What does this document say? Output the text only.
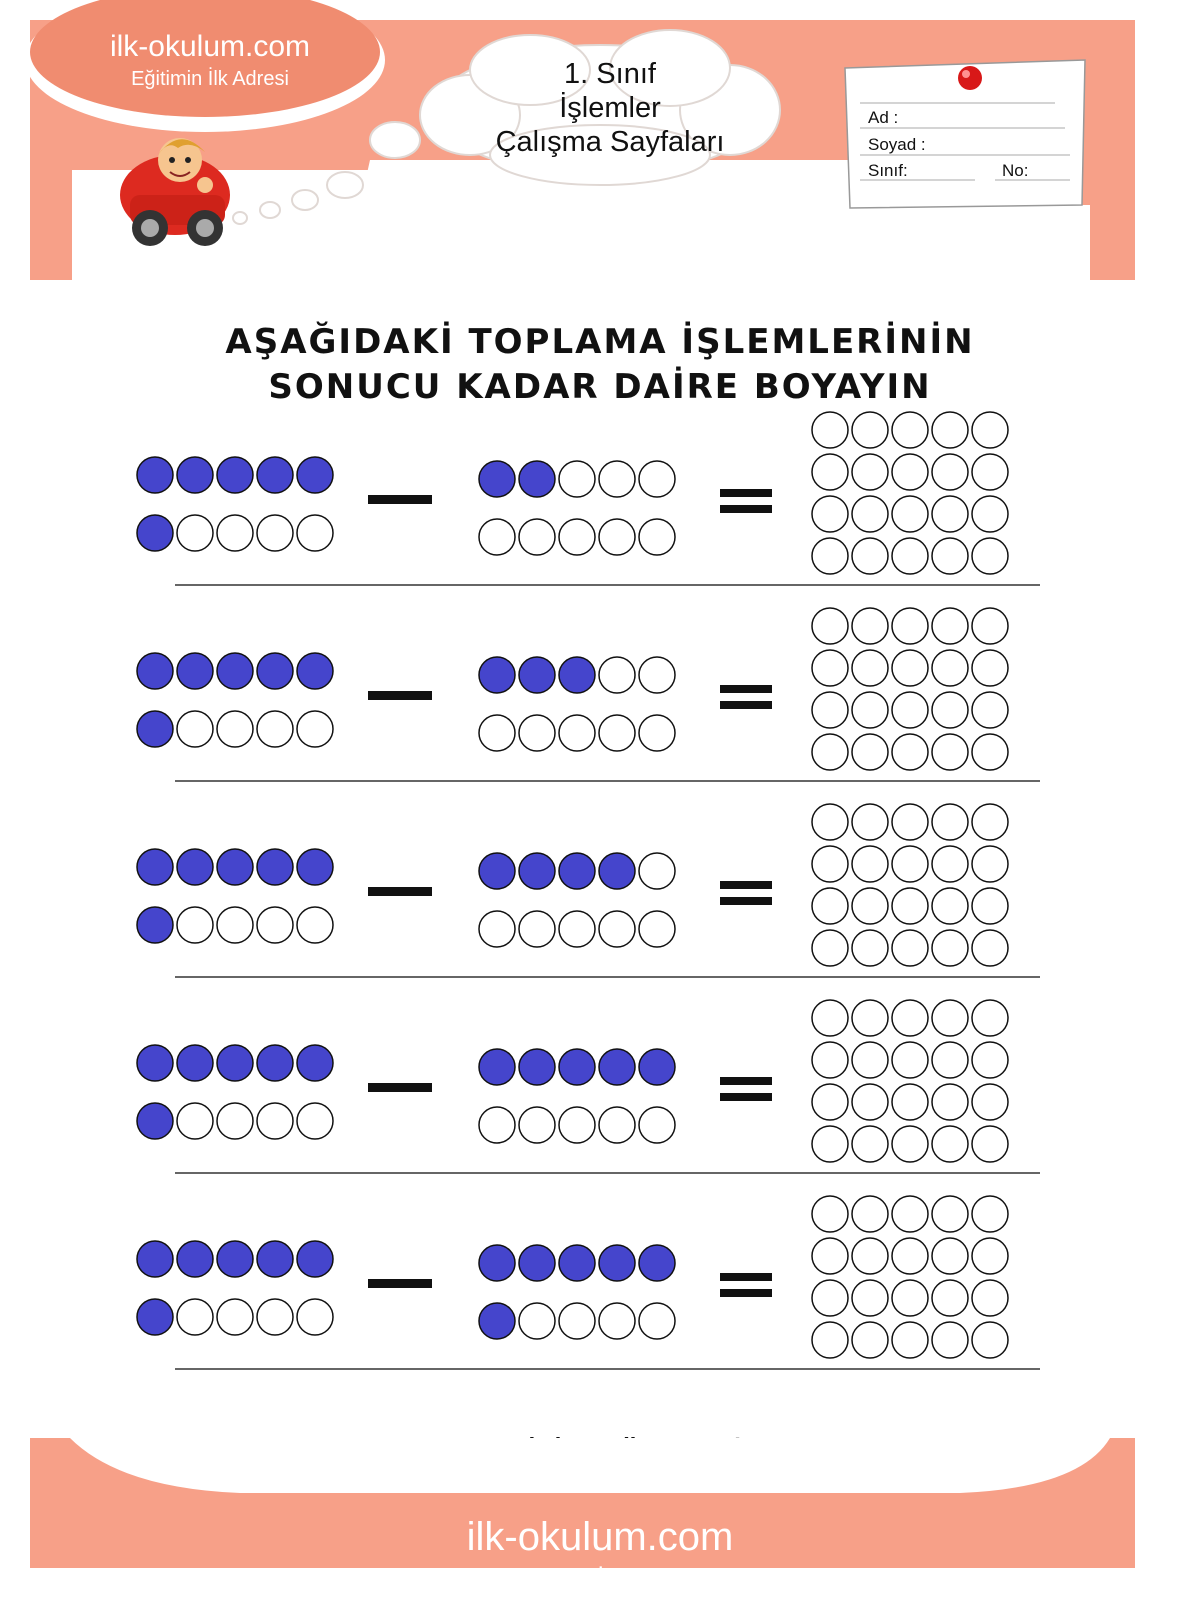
ilk-okulum.com
Eğitimin İlk Adresi	1. Sınıf
İşlemler
Çalışma Sayfaları
Ad :
Soyad :
Sınıf:	No:
AŞAĞIDAKİ TOPLAMA İŞLEMLERİNİN
SONUCU KADAR DAİRE BOYAYIN
ilk-okulum.com
Eğitimin İlk Adresi
